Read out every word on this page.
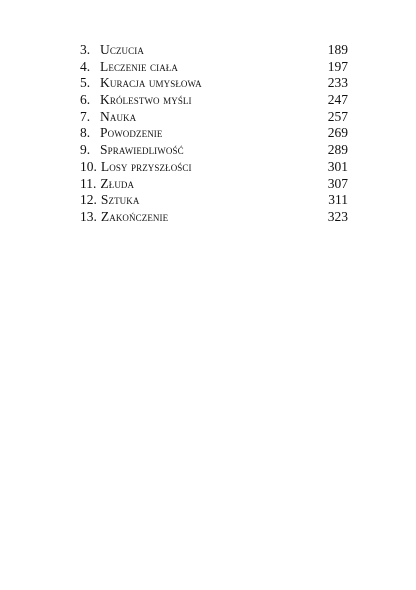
3. Uczucia	189
4. Leczenie ciała	197
5. Kuracja umysłowa	233
6. Królestwo myśli	247
7. Nauka	257
8. Powodzenie	269
9. Sprawiedliwość	289
10. Losy przyszłości	301
11. Złuda	307
12. Sztuka	311
13. Zakończenie	323
